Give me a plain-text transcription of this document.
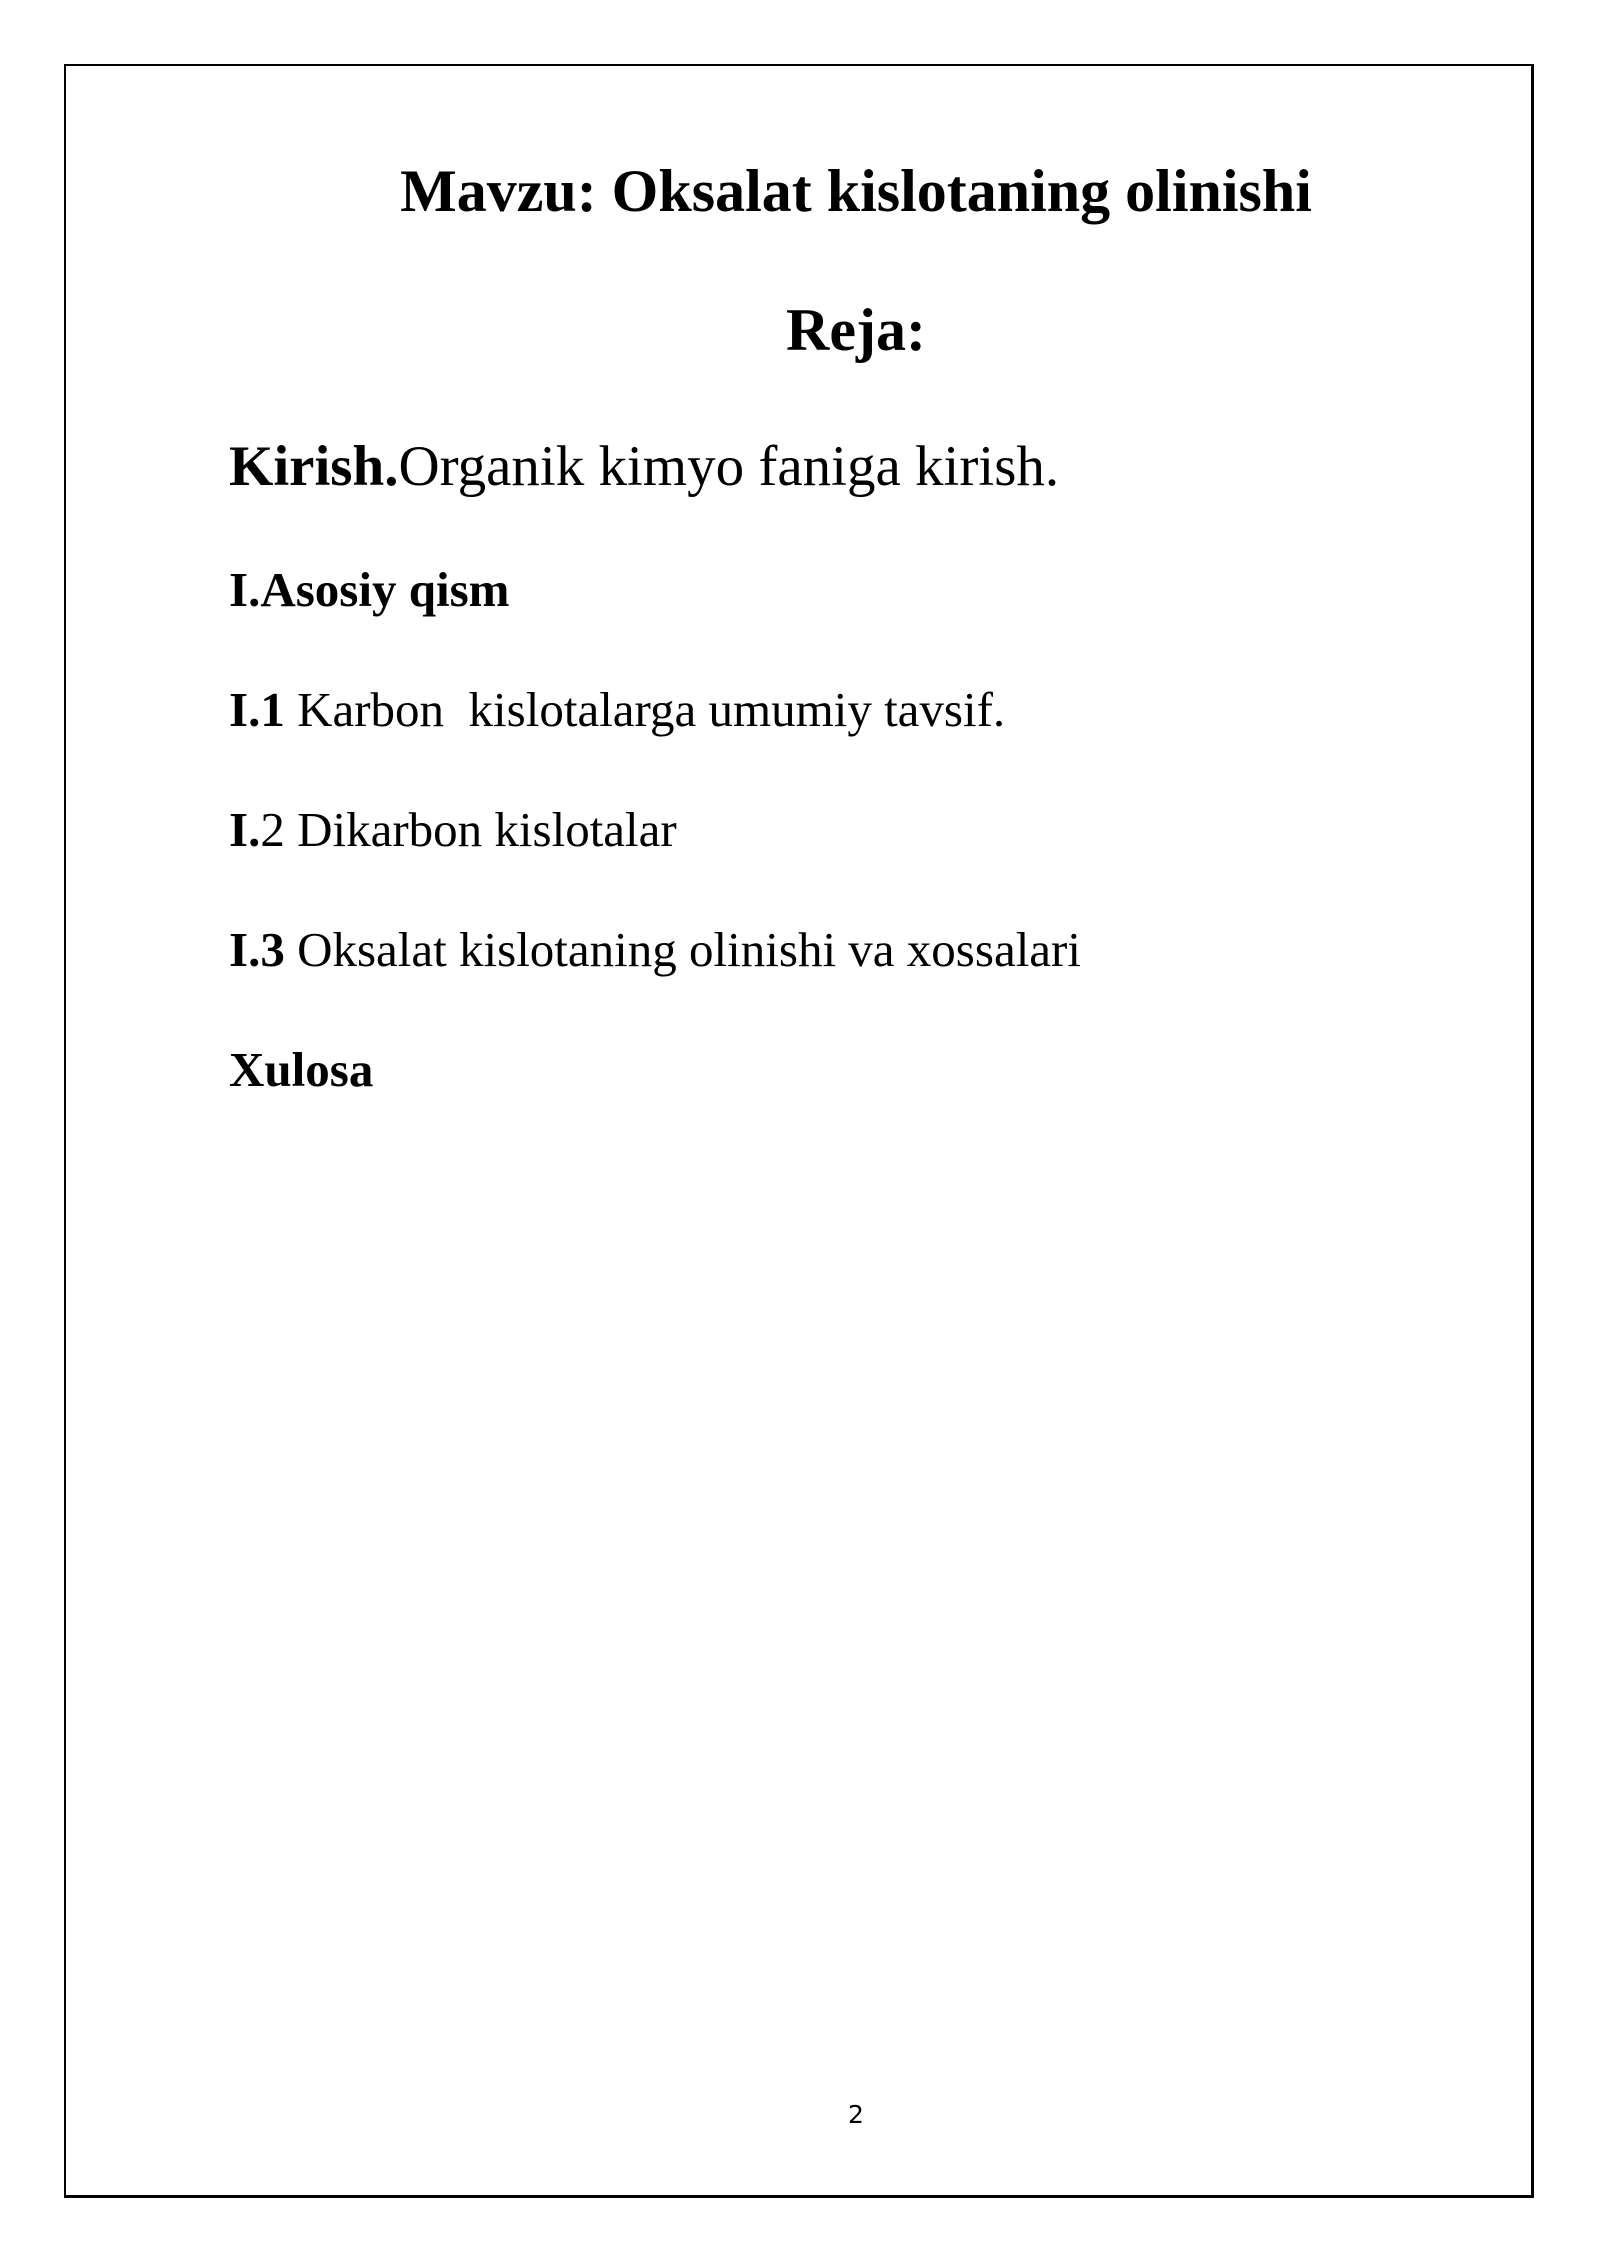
Mavzu: Oksalat kislotaning olinishi
Reja:

Kirish.Organik kimyo faniga kirish.

I.Asosiy qism

I.1 Karbon  kislotalarga umumiy tavsif.

I.2 Dikarbon kislotalar

I.3 Oksalat kislotaning olinishi va xossalari

Xulosa

2
